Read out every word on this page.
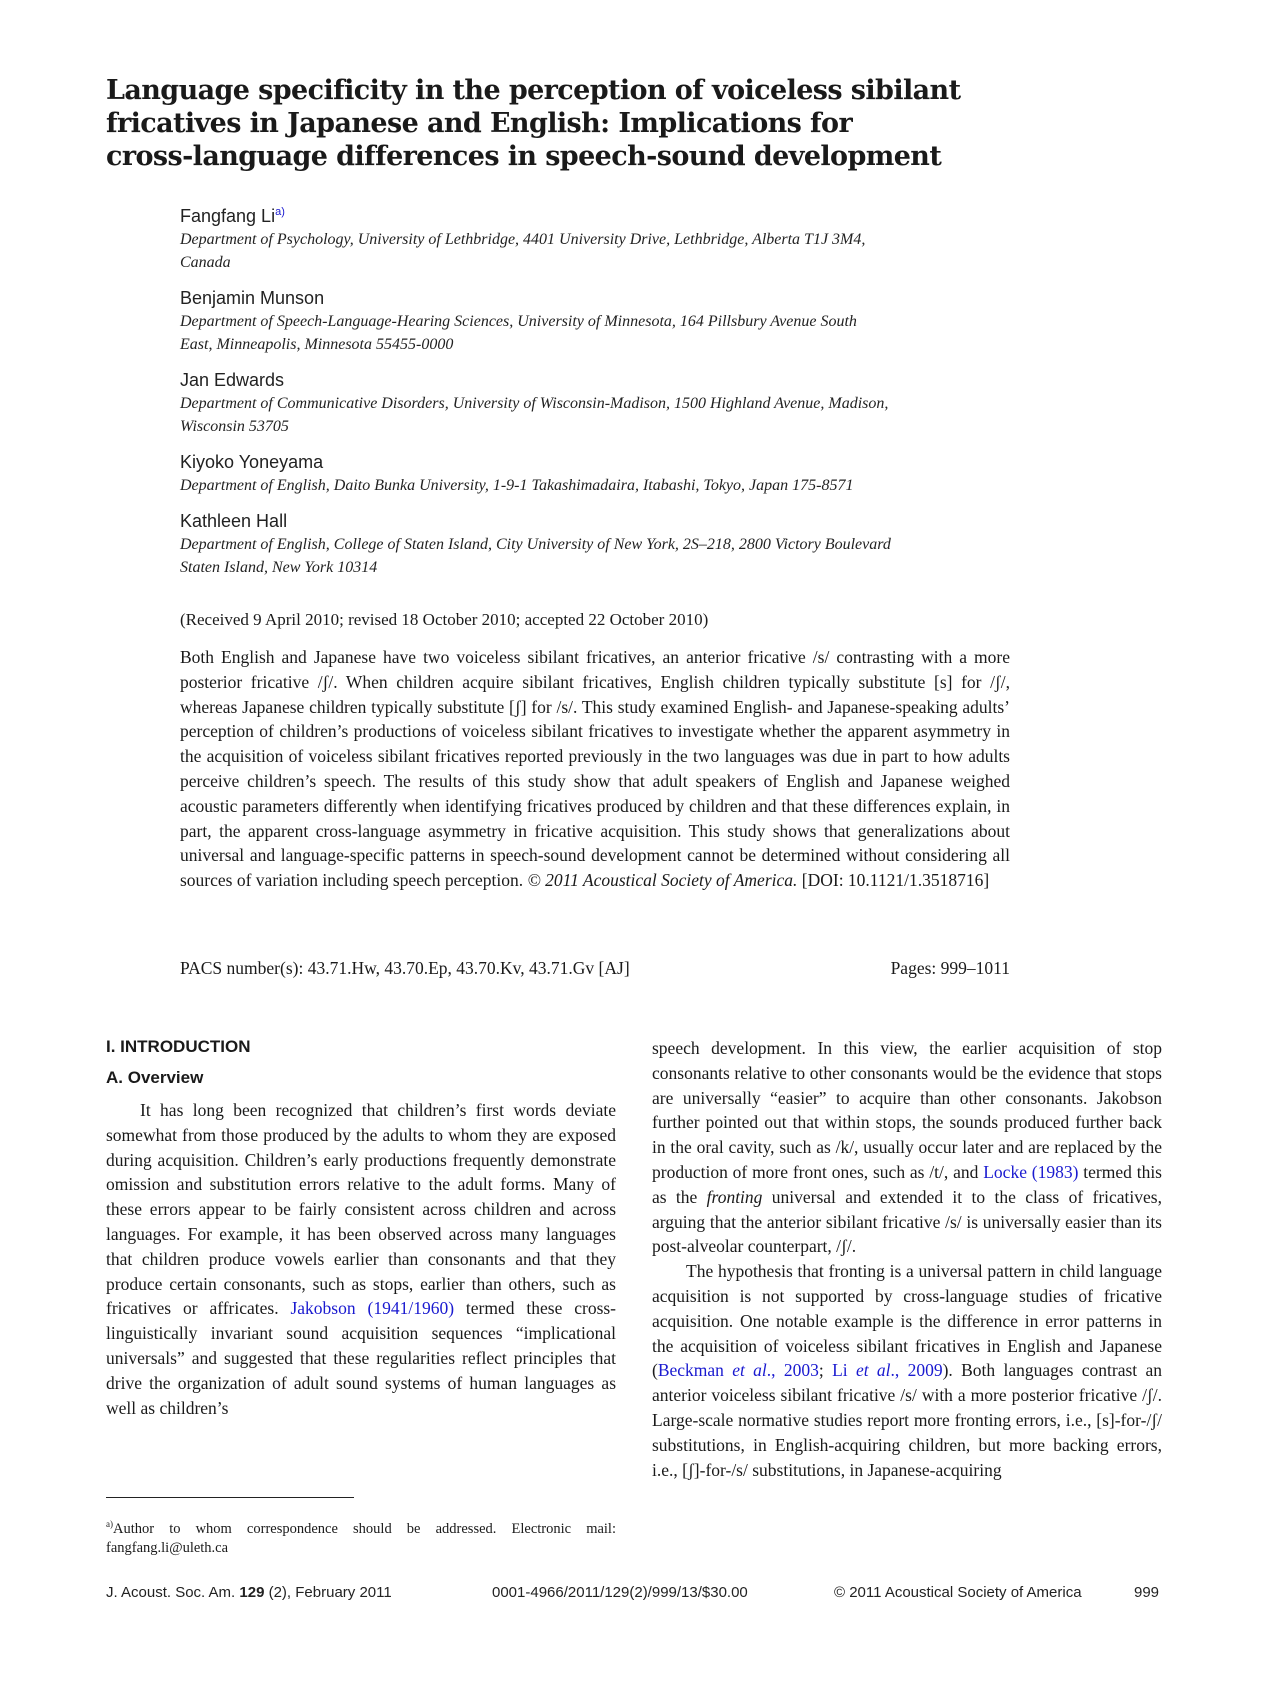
Language specificity in the perception of voiceless sibilant
fricatives in Japanese and English: Implications for
cross-language differences in speech-sound development
Fangfang Li$^{a)}$
Department of Psychology, University of Lethbridge, 4401 University Drive, Lethbridge, Alberta T1J 3M4,
Canada
Benjamin Munson
Department of Speech-Language-Hearing Sciences, University of Minnesota, 164 Pillsbury Avenue South
East, Minneapolis, Minnesota 55455-0000
Jan Edwards
Department of Communicative Disorders, University of Wisconsin-Madison, 1500 Highland Avenue, Madison,
Wisconsin 53705
Kiyoko Yoneyama
Department of English, Daito Bunka University, 1-9-1 Takashimadaira, Itabashi, Tokyo, Japan 175-8571
Kathleen Hall
Department of English, College of Staten Island, City University of New York, 2S–218, 2800 Victory Boulevard
Staten Island, New York 10314
(Received 9 April 2010; revised 18 October 2010; accepted 22 October 2010)
Both English and Japanese have two voiceless sibilant fricatives, an anterior fricative /s/ contrasting with a more posterior fricative /ʃ/. When children acquire sibilant fricatives, English children typically substitute [s] for /ʃ/, whereas Japanese children typically substitute [ʃ] for /s/. This study examined English- and Japanese-speaking adults’ perception of children’s productions of voiceless sibilant fricatives to investigate whether the apparent asymmetry in the acquisition of voiceless sibilant fricatives reported previously in the two languages was due in part to how adults perceive children’s speech. The results of this study show that adult speakers of English and Japanese weighed acoustic parameters differently when identifying fricatives produced by children and that these differences explain, in part, the apparent cross-language asymmetry in fricative acquisition. This study shows that generalizations about universal and language-specific patterns in speech-sound development cannot be determined without considering all sources of variation including speech perception. © 2011 Acoustical Society of America. [DOI: 10.1121/1.3518716]
PACS number(s): 43.71.Hw, 43.70.Ep, 43.70.Kv, 43.71.Gv [AJ]	Pages: 999–1011
I. INTRODUCTION
A. Overview

It has long been recognized that children’s first words deviate somewhat from those produced by the adults to whom they are exposed during acquisition. Children’s early productions frequently demonstrate omission and substitution errors relative to the adult forms. Many of these errors appear to be fairly consistent across children and across languages. For example, it has been observed across many languages that children produce vowels earlier than consonants and that they produce certain consonants, such as stops, earlier than others, such as fricatives or affricates. Jakobson (1941/1960) termed these cross-linguistically invariant sound acquisition sequences “implicational universals” and suggested that these regularities reflect principles that drive the organization of adult sound systems of human languages as well as children’s

speech development. In this view, the earlier acquisition of stop consonants relative to other consonants would be the evidence that stops are universally “easier” to acquire than other consonants. Jakobson further pointed out that within stops, the sounds produced further back in the oral cavity, such as /k/, usually occur later and are replaced by the production of more front ones, such as /t/, and Locke (1983) termed this as the fronting universal and extended it to the class of fricatives, arguing that the anterior sibilant fricative /s/ is universally easier than its post-alveolar counterpart, /ʃ/.

The hypothesis that fronting is a universal pattern in child language acquisition is not supported by cross-language studies of fricative acquisition. One notable example is the difference in error patterns in the acquisition of voiceless sibilant fricatives in English and Japanese (Beckman et al., 2003; Li et al., 2009). Both languages contrast an anterior voiceless sibilant fricative /s/ with a more posterior fricative /ʃ/. Large-scale normative studies report more fronting errors, i.e., [s]-for-/ʃ/ substitutions, in English-acquiring children, but more backing errors, i.e., [ʃ]-for-/s/ substitutions, in Japanese-acquiring

$^{a)}$Author to whom correspondence should be addressed. Electronic mail: fangfang.li@uleth.ca
J. Acoust. Soc. Am. 129 (2), February 2011	0001-4966/2011/129(2)/999/13/$30.00	© 2011 Acoustical Society of America	999
